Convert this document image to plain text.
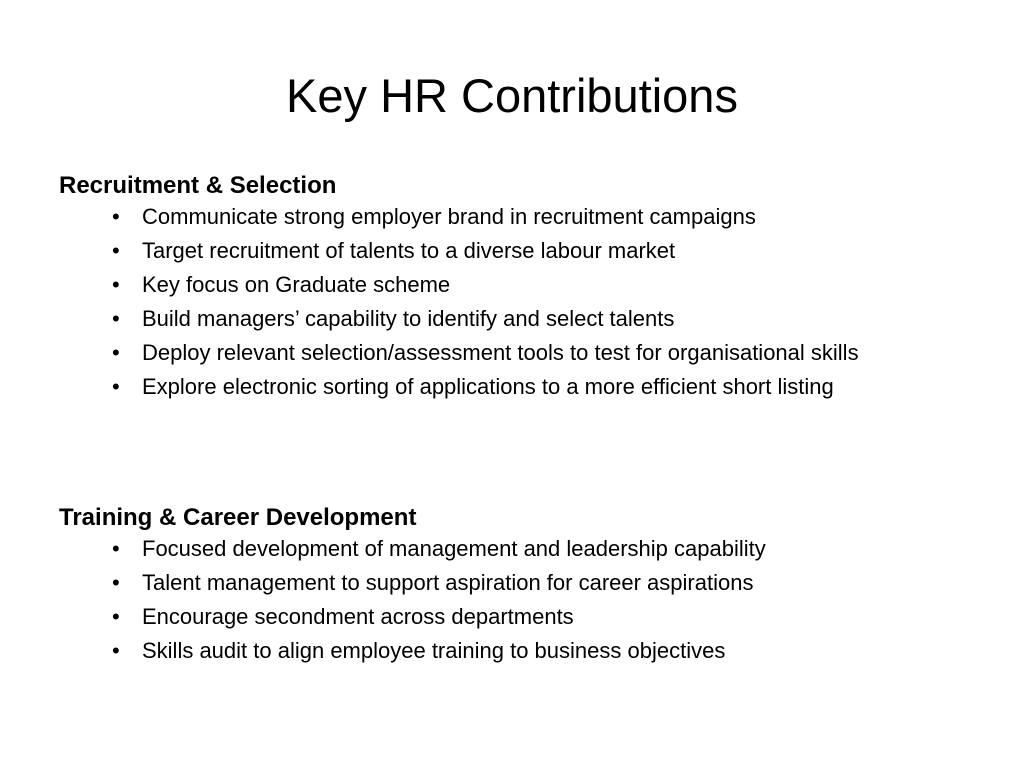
Key HR Contributions
Recruitment & Selection
•	Communicate strong employer brand in recruitment campaigns
•	Target recruitment of talents to a diverse labour market
•	Key focus on Graduate scheme
•	Build managers’ capability to identify and select talents
•	Deploy relevant selection/assessment tools to test for organisational skills
•	Explore electronic sorting of applications to a more efficient short listing
Training & Career Development
•	Focused development of management and leadership capability
•	Talent management to support aspiration for career aspirations
•	Encourage secondment across departments
•	Skills audit to align employee training to business objectives
